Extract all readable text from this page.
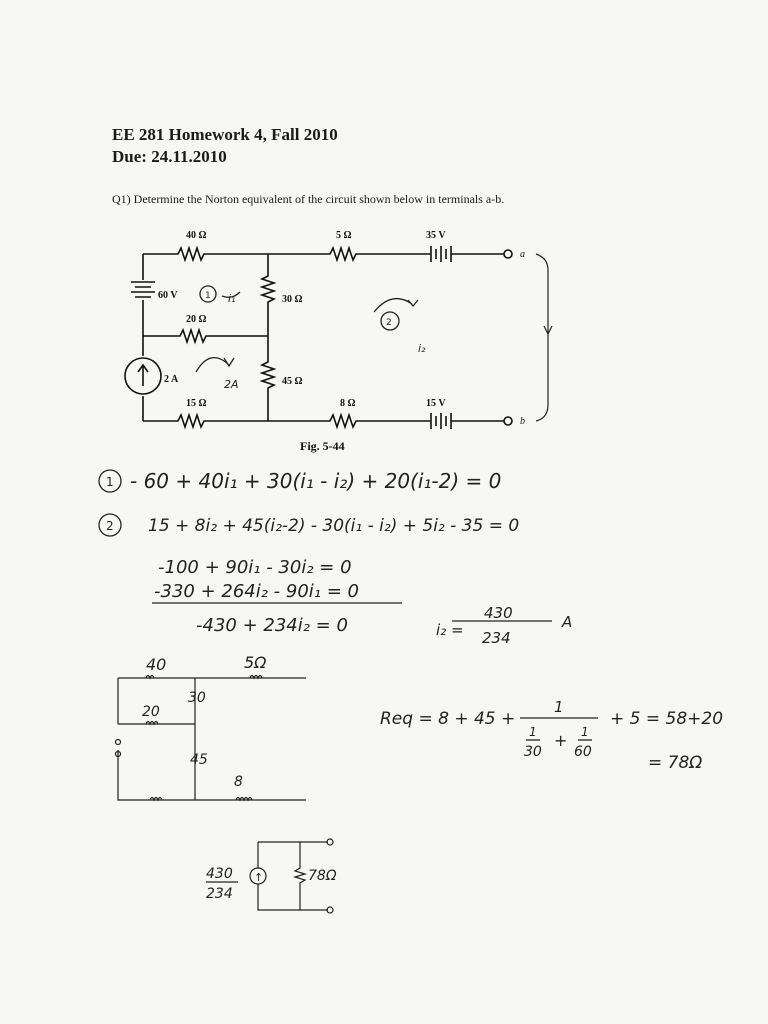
EE 281 Homework 4, Fall 2010
Due: 24.11.2010
Q1) Determine the Norton equivalent of the circuit shown below in terminals a-b.
40 Ω	5 Ω	35 V
a
60 V	30 Ω
20 Ω
2 A	45 Ω
15 Ω	8 Ω	15 V
b
Fig. 5-44
1 i₁
2
i₂
2A
1 - 60 + 40i₁ + 30(i₁ - i₂) + 20(i₁-2) = 0
2 15 + 8i₂ + 45(i₂-2) - 30(i₁ - i₂) + 5i₂ - 35 = 0
-100 + 90i₁ - 30i₂ = 0
-330 + 264i₂ - 90i₁ = 0
-430 + 234i₂ = 0	i₂ =
430	A
234
40	5Ω
30
20
45
8
Req = 8 + 45 +
1
1
30
+ 1
60
+ 5 = 58+20
= 78Ω
430
234
↑	78Ω
